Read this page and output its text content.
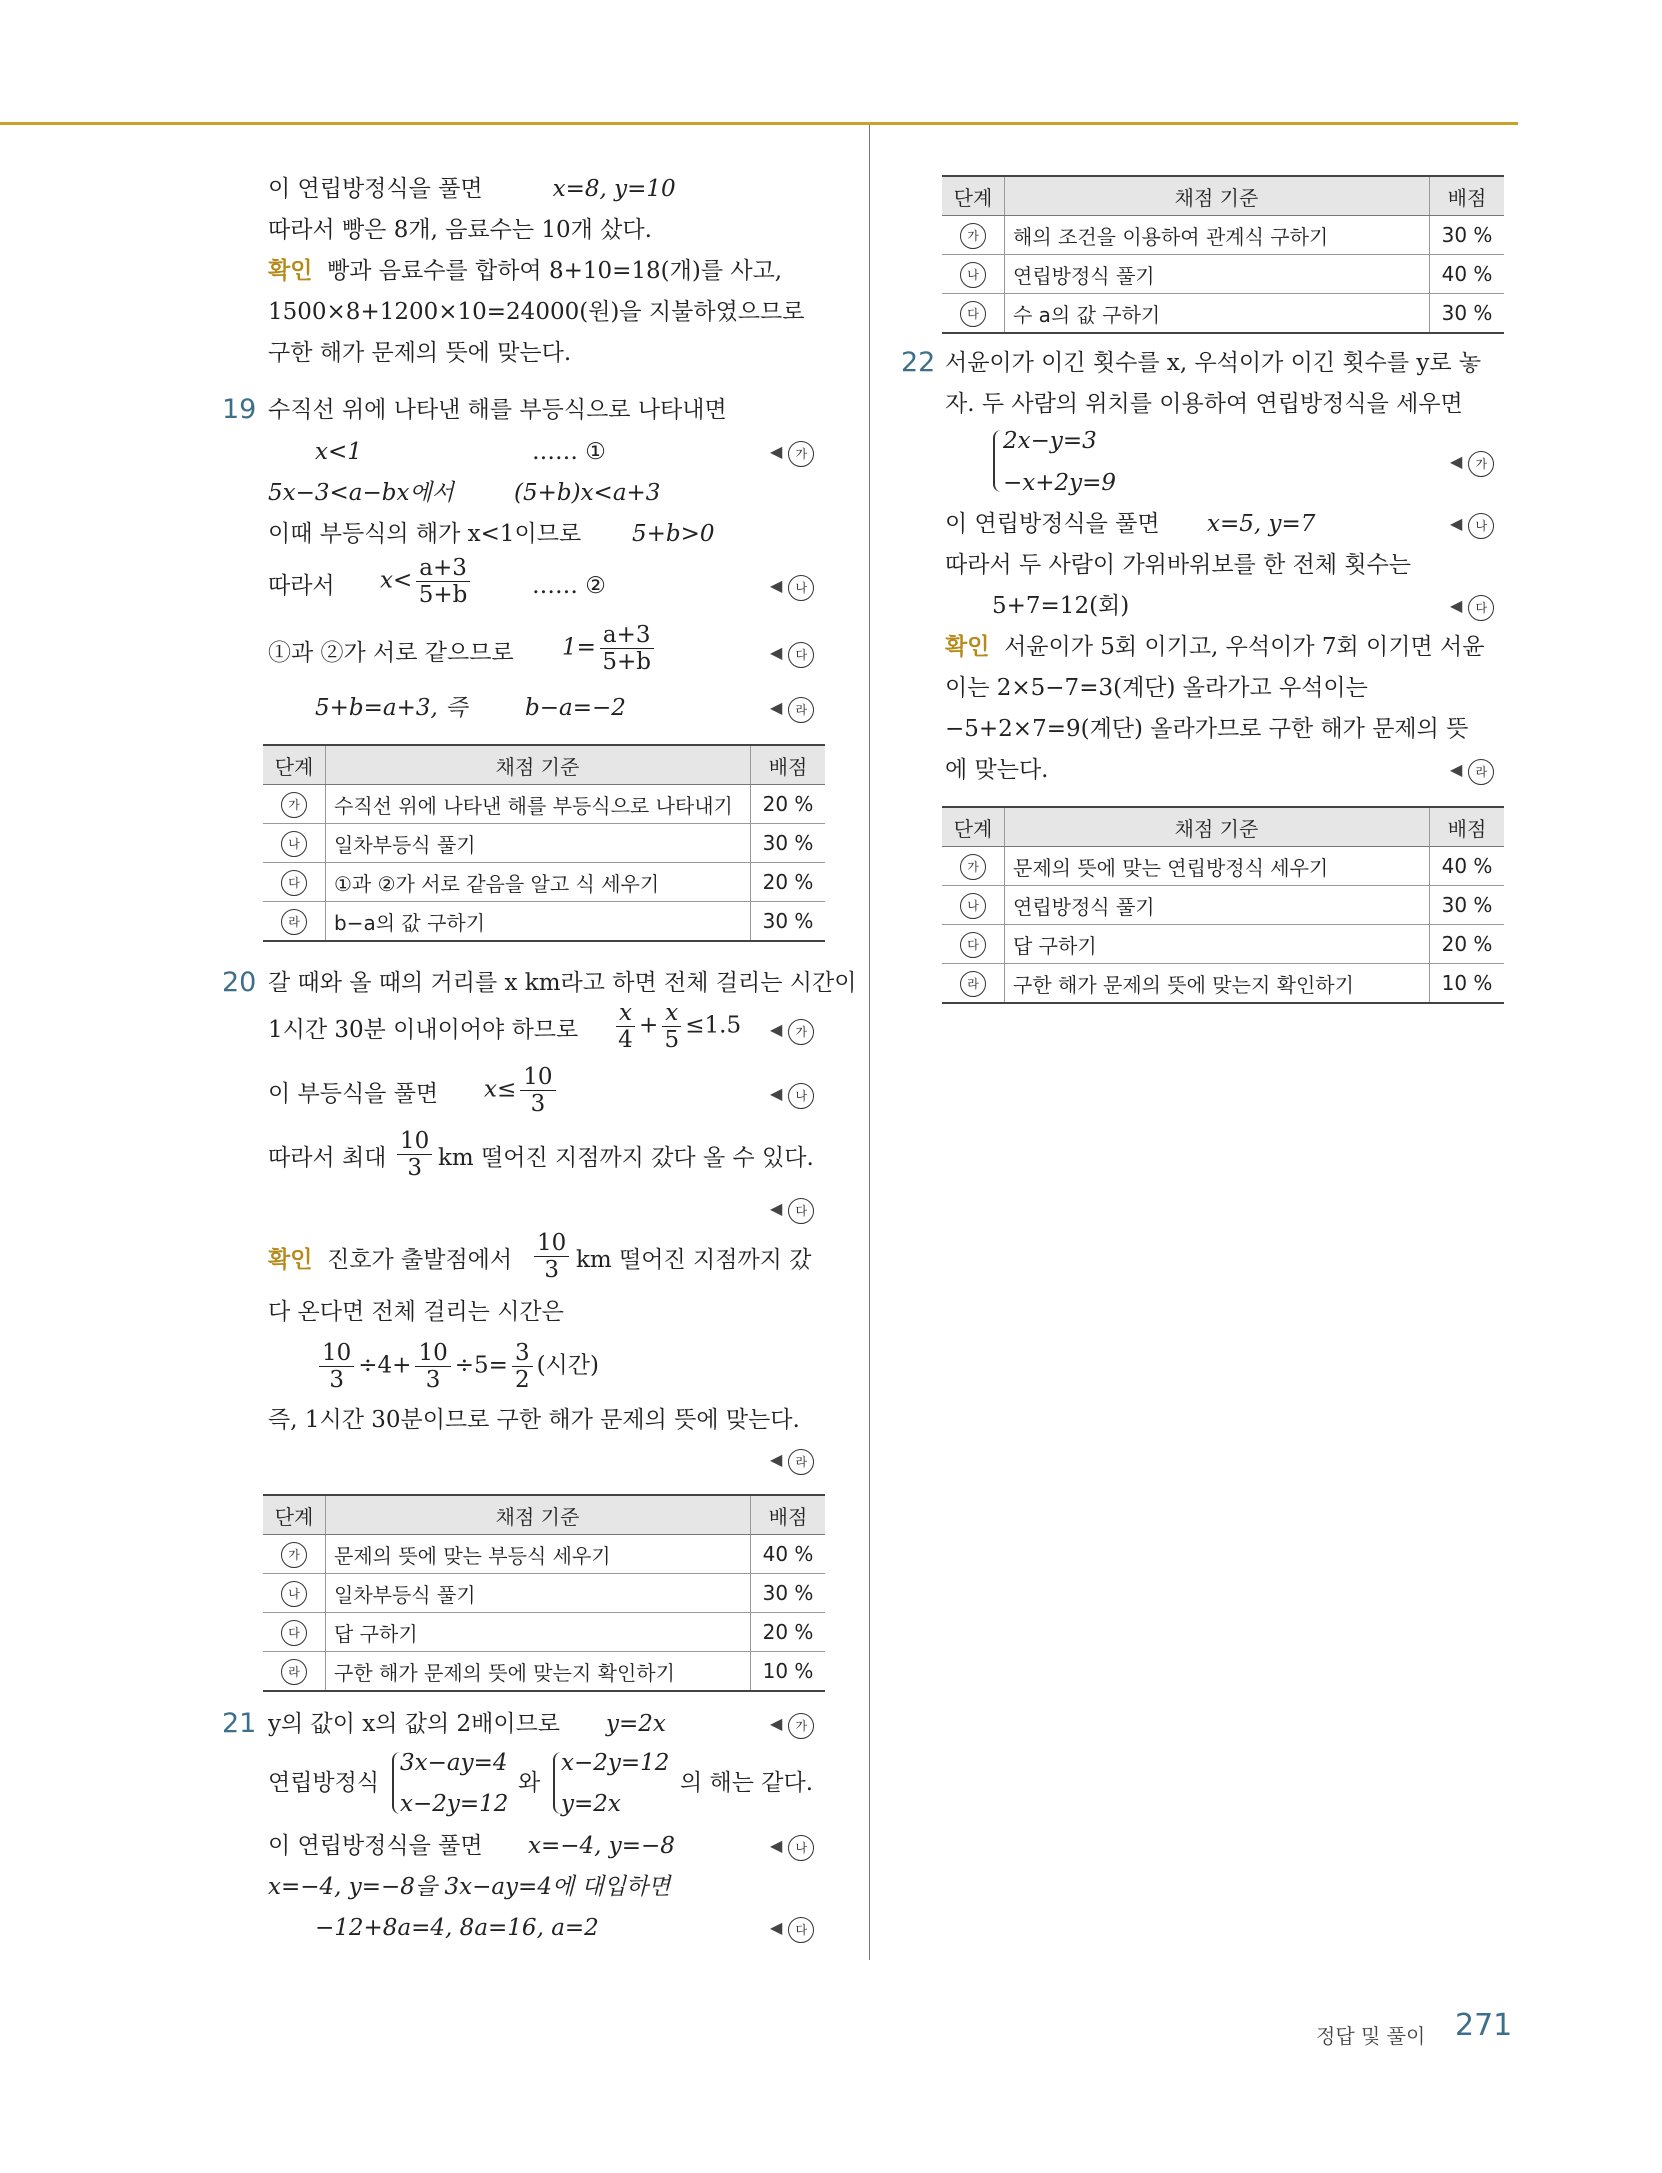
이 연립방정식을 풀면	x=8, y=10
따라서 빵은 8개, 음료수는 10개 샀다.
확인 빵과 음료수를 합하여 8+10=18(개)를 사고,
1500×8+1200×10=24000(원)을 지불하였으므로
구한 해가 문제의 뜻에 맞는다.
19 수직선 위에 나타낸 해를 부등식으로 나타내면
x<1	…… ①	◀ 가
5x−3<a−bx에서	(5+b)x<a+3
이때 부등식의 해가 x<1이므로 5+b>0
따라서 $x< \frac{a+3}{5+b}$	…… ②	◀ 나
①과 ②가 서로 같으므로 $1= \frac{a+3}{5+b}$	◀ 다
5+b=a+3, 즉	b−a=−2	◀ 라
단계	채점 기준	배점
가	수직선 위에 나타낸 해를 부등식으로 나타내기	20 %
나	일차부등식 풀기	30 %
다	①과 ②가 서로 같음을 알고 식 세우기	20 %
라	b−a의 값 구하기	30 %
20 갈 때와 올 때의 거리를 x km라고 하면 전체 걸리는 시간이
1시간 30분 이내이어야 하므로 $\frac{x}{4} + \frac{x}{5} \le 1.5$ ◀ 가
이 부등식을 풀면 $x\le \frac{10}{3}$	◀ 나
따라서 최대 $\frac{10}{3}$ km 떨어진 지점까지 갔다 올 수 있다.
◀ 다
확인 진호가 출발점에서 $\frac{10}{3}$ km 떨어진 지점까지 갔
다 온다면 전체 걸리는 시간은
$\frac{10}{3} \div 4+ \frac{10}{3} \div 5= \frac{3}{2}$ (시간)
즉, 1시간 30분이므로 구한 해가 문제의 뜻에 맞는다.
◀ 라
단계	채점 기준	배점
가	문제의 뜻에 맞는 부등식 세우기	40 %
나	일차부등식 풀기	30 %
다	답 구하기	20 %
라	구한 해가 문제의 뜻에 맞는지 확인하기	10 %
21 y의 값이 x의 값의 2배이므로 y=2x	◀ 가
연립방정식
3x−ay=4
x−2y=12
와
x−2y=12
y=2x
의 해는 같다.
이 연립방정식을 풀면 x=−4, y=−8	◀ 나
x=−4, y=−8을 3x−ay=4에 대입하면
−12+8a=4, 8a=16, a=2	◀ 다
단계	채점 기준	배점
가	해의 조건을 이용하여 관계식 구하기	30 %
나	연립방정식 풀기	40 %
다	수 a의 값 구하기	30 %
22 서윤이가 이긴 횟수를 x, 우석이가 이긴 횟수를 y로 놓
자. 두 사람의 위치를 이용하여 연립방정식을 세우면
2x−y=3
−x+2y=9
◀ 가
이 연립방정식을 풀면 x=5, y=7	◀ 나
따라서 두 사람이 가위바위보를 한 전체 횟수는
5+7=12(회)	◀ 다
확인 서윤이가 5회 이기고, 우석이가 7회 이기면 서윤
이는 2×5−7=3(계단) 올라가고 우석이는
−5+2×7=9(계단) 올라가므로 구한 해가 문제의 뜻
에 맞는다.	◀ 라
단계	채점 기준	배점
가	문제의 뜻에 맞는 연립방정식 세우기	40 %
나	연립방정식 풀기	30 %
다	답 구하기	20 %
라	구한 해가 문제의 뜻에 맞는지 확인하기	10 %
정답 및 풀이 271
